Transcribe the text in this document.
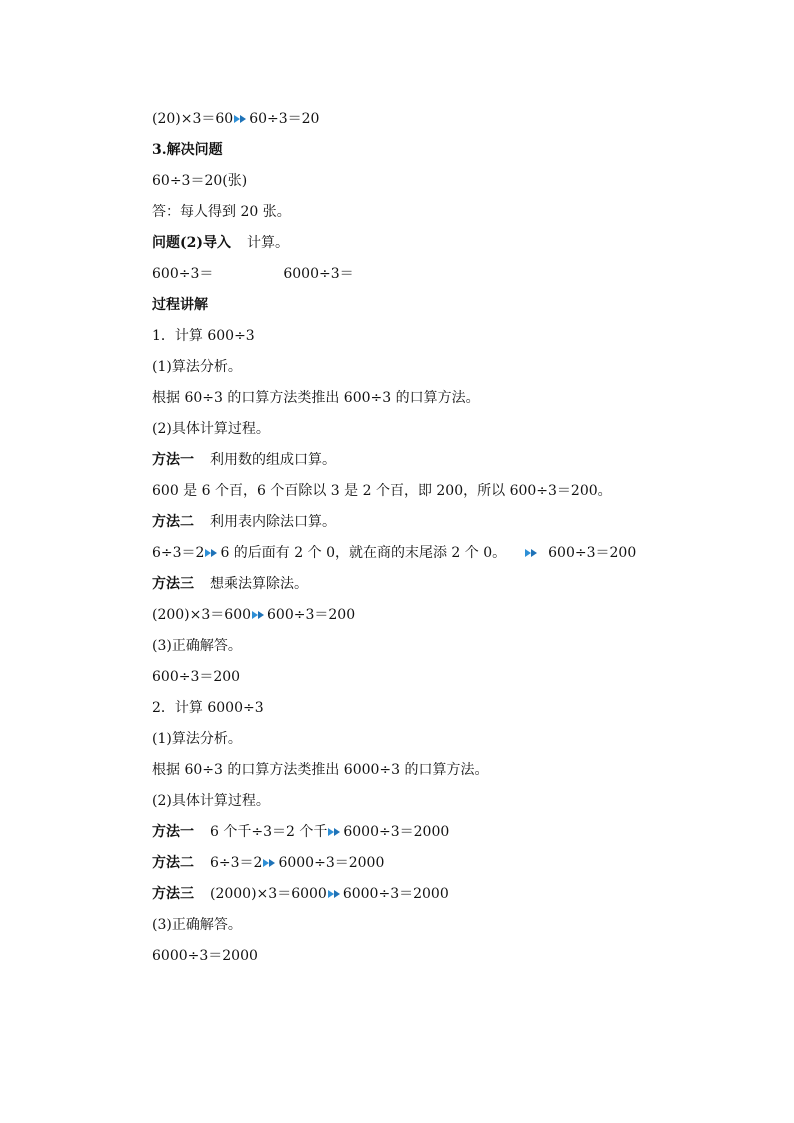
(20)×3＝60 60÷3＝20
3.解决问题
60÷3＝20(张)
答：每人得到 20 张。
问题(2)导入 计算。
600÷3＝	6000÷3＝
过程讲解
1．计算 600÷3
(1)算法分析。
根据 60÷3 的口算方法类推出 600÷3 的口算方法。
(2)具体计算过程。
方法一 利用数的组成口算。
600 是 6 个百，6 个百除以 3 是 2 个百，即 200，所以 600÷3＝200。
方法二 利用表内除法口算。
6÷3＝2 6 的后面有 2 个 0，就在商的末尾添 2 个 0。	600÷3＝200
方法三 想乘法算除法。
(200)×3＝600 600÷3＝200
(3)正确解答。
600÷3＝200
2．计算 6000÷3
(1)算法分析。
根据 60÷3 的口算方法类推出 6000÷3 的口算方法。
(2)具体计算过程。
方法一 6 个千÷3＝2 个千 6000÷3＝2000
方法二 6÷3＝2 6000÷3＝2000
方法三 (2000)×3＝6000 6000÷3＝2000
(3)正确解答。
6000÷3＝2000
